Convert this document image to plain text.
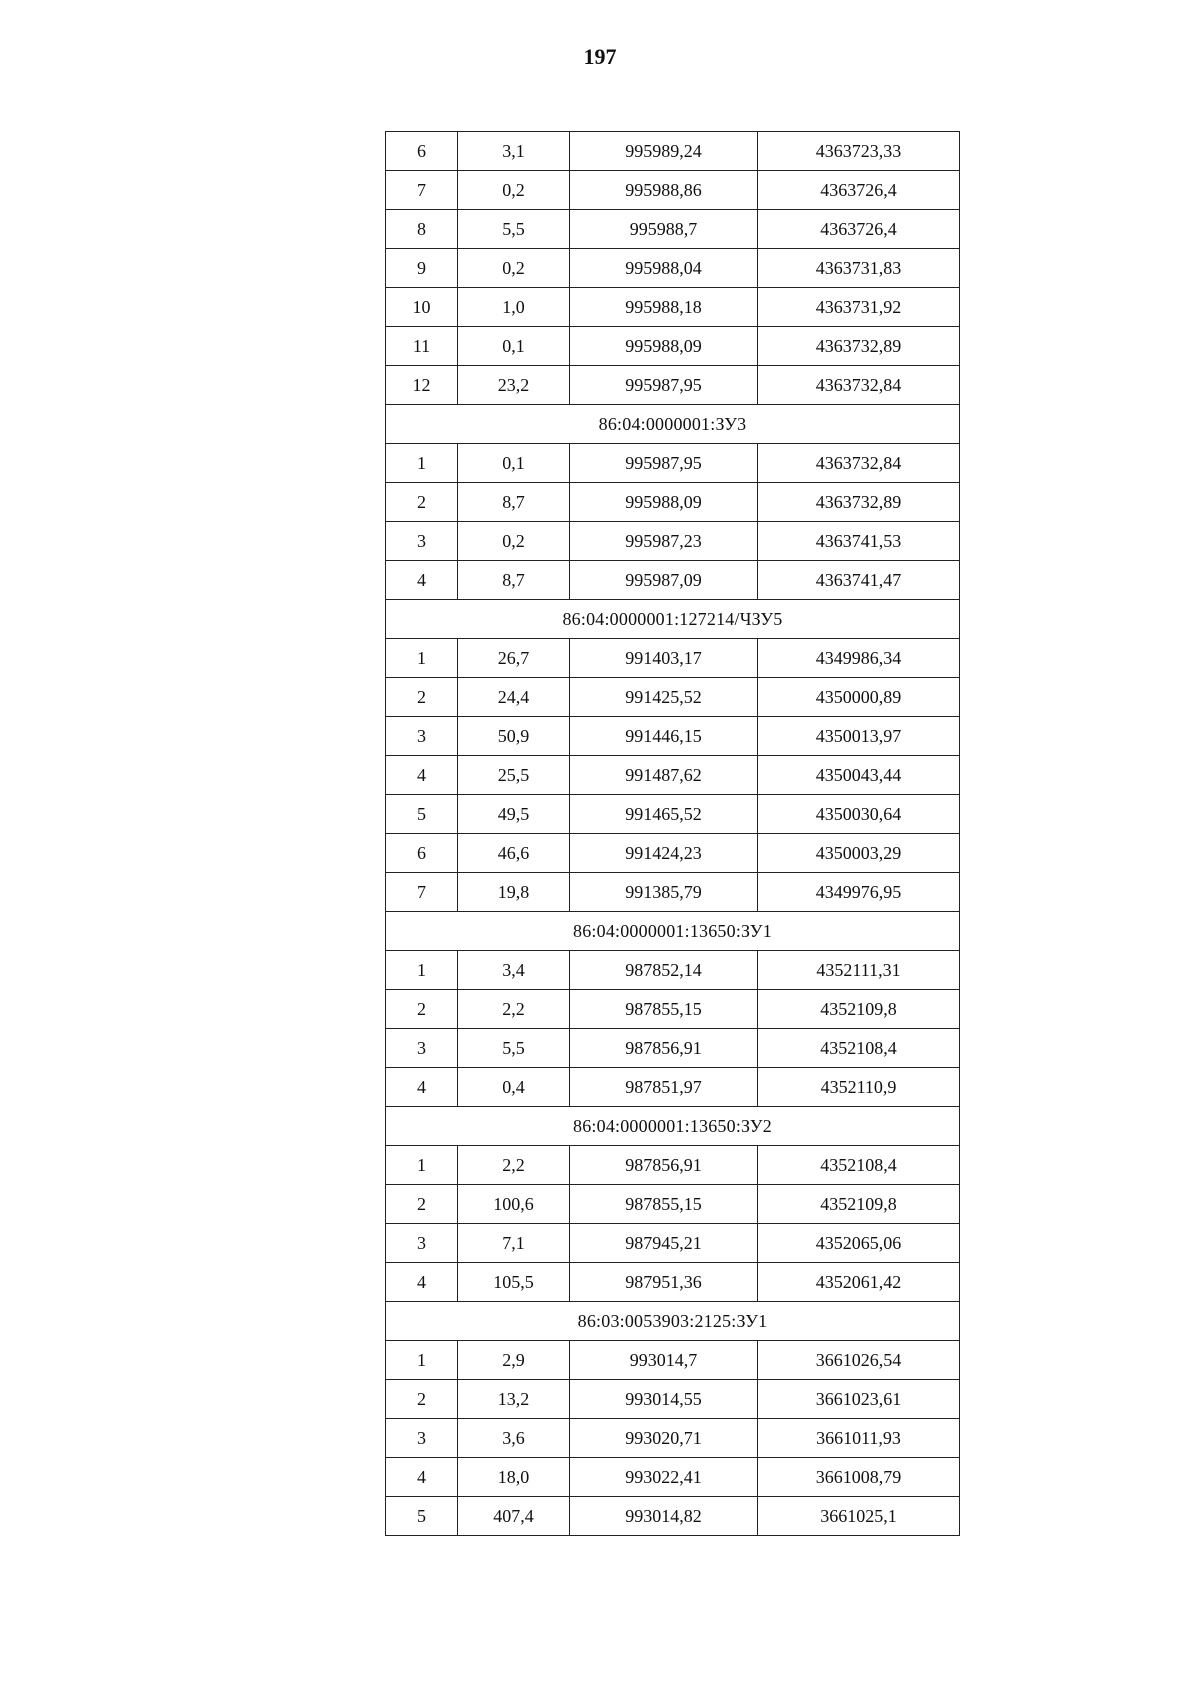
197
6	3,1	995989,24	4363723,33
7	0,2	995988,86	4363726,4
8	5,5	995988,7	4363726,4
9	0,2	995988,04	4363731,83
10	1,0	995988,18	4363731,92
11	0,1	995988,09	4363732,89
12	23,2	995987,95	4363732,84
86:04:0000001:ЗУ3			
1	0,1	995987,95	4363732,84
2	8,7	995988,09	4363732,89
3	0,2	995987,23	4363741,53
4	8,7	995987,09	4363741,47
86:04:0000001:127214/ЧЗУ5			
1	26,7	991403,17	4349986,34
2	24,4	991425,52	4350000,89
3	50,9	991446,15	4350013,97
4	25,5	991487,62	4350043,44
5	49,5	991465,52	4350030,64
6	46,6	991424,23	4350003,29
7	19,8	991385,79	4349976,95
86:04:0000001:13650:ЗУ1			
1	3,4	987852,14	4352111,31
2	2,2	987855,15	4352109,8
3	5,5	987856,91	4352108,4
4	0,4	987851,97	4352110,9
86:04:0000001:13650:ЗУ2			
1	2,2	987856,91	4352108,4
2	100,6	987855,15	4352109,8
3	7,1	987945,21	4352065,06
4	105,5	987951,36	4352061,42
86:03:0053903:2125:ЗУ1			
1	2,9	993014,7	3661026,54
2	13,2	993014,55	3661023,61
3	3,6	993020,71	3661011,93
4	18,0	993022,41	3661008,79
5	407,4	993014,82	3661025,1
